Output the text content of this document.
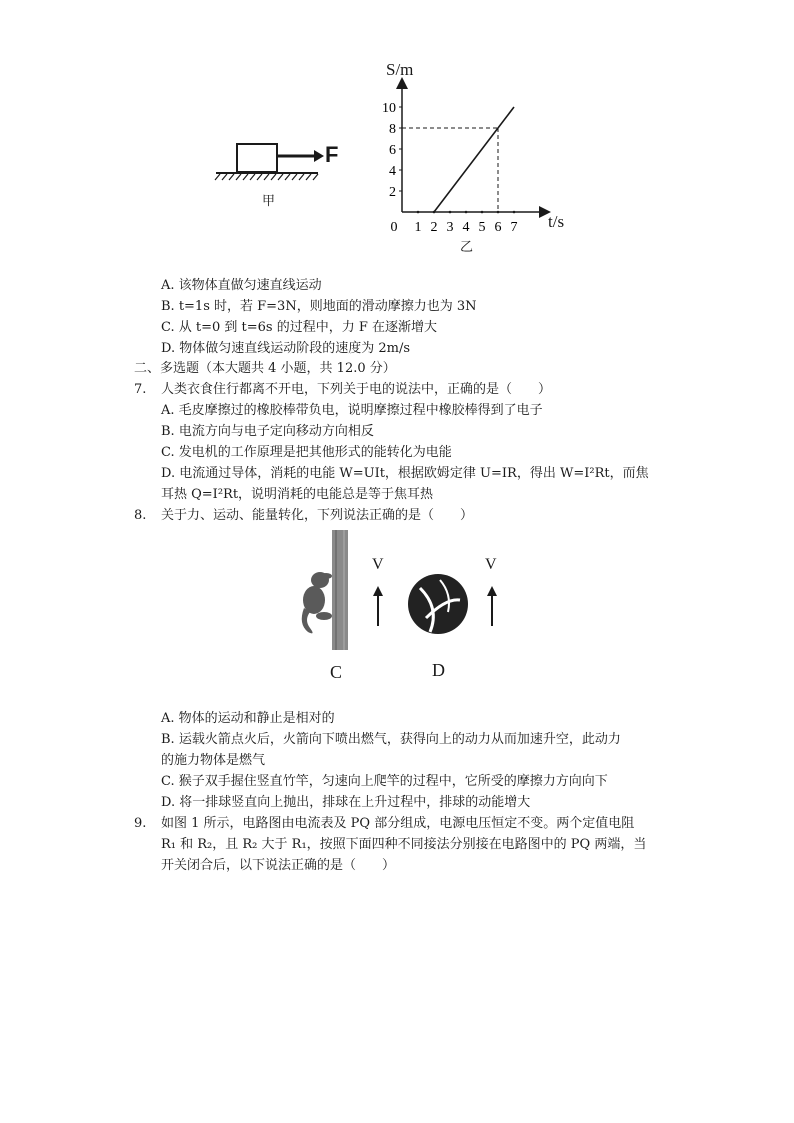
F
甲
2
4
6
8
10
0 1 2 3 4 5 6 7
S/m
t/s
乙
A. 该物体直做匀速直线运动
B. t=1s 时，若 F=3N，则地面的滑动摩擦力也为 3N
C. 从 t=0 到 t=6s 的过程中，力 F 在逐渐增大
D. 物体做匀速直线运动阶段的速度为 2m/s
二、多选题（本大题共 4 小题，共 12.0 分）
7. 人类衣食住行都离不开电，下列关于电的说法中，正确的是（　　）
A. 毛皮摩擦过的橡胶棒带负电，说明摩擦过程中橡胶棒得到了电子
B. 电流方向与电子定向移动方向相反
C. 发电机的工作原理是把其他形式的能转化为电能
D. 电流通过导体，消耗的电能 W=UIt，根据欧姆定律 U=IR，得出 W=I²Rt，而焦
耳热 Q=I²Rt，说明消耗的电能总是等于焦耳热
8. 关于力、运动、能量转化，下列说法正确的是（　　）
V	V
C	D
A. 物体的运动和静止是相对的
B. 运载火箭点火后，火箭向下喷出燃气，获得向上的动力从而加速升空，此动力
的施力物体是燃气
C. 猴子双手握住竖直竹竿，匀速向上爬竿的过程中，它所受的摩擦力方向向下
D. 将一排球竖直向上抛出，排球在上升过程中，排球的动能增大
9. 如图 1 所示，电路图由电流表及 PQ 部分组成，电源电压恒定不变。两个定值电阻
R₁ 和 R₂，且 R₂ 大于 R₁，按照下面四种不同接法分别接在电路图中的 PQ 两端，当
开关闭合后，以下说法正确的是（　　）
